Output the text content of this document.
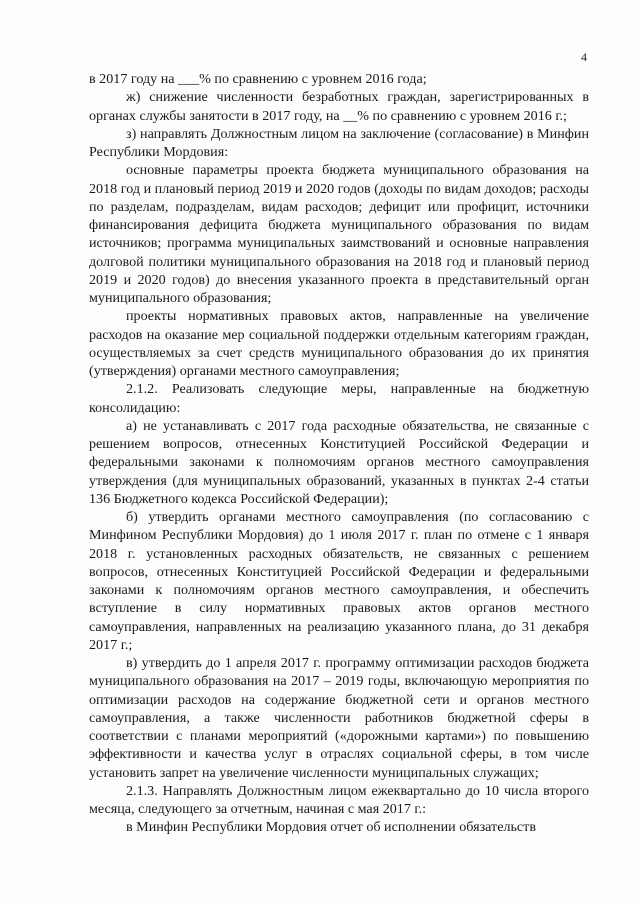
4

в 2017 году на ___% по сравнению с уровнем 2016 года;

ж) снижение численности безработных граждан, зарегистрированных в органах службы занятости в 2017 году, на __% по сравнению с уровнем 2016 г.;

з) направлять Должностным лицом на заключение (согласование) в Минфин Республики Мордовия:

основные параметры проекта бюджета муниципального образования на 2018 год и плановый период 2019 и 2020 годов (доходы по видам доходов; расходы по разделам, подразделам, видам расходов; дефицит или профицит, источники финансирования дефицита бюджета муниципального образования по видам источников; программа муниципальных заимствований и основные направления долговой политики муниципального образования на 2018 год и плановый период 2019 и 2020 годов) до внесения указанного проекта в представительный орган муниципального образования;

проекты нормативных правовых актов, направленные на увеличение расходов на оказание мер социальной поддержки отдельным категориям граждан, осуществляемых за счет средств муниципального образования до их принятия (утверждения) органами местного самоуправления;

2.1.2. Реализовать следующие меры, направленные на бюджетную консолидацию:

а) не устанавливать с 2017 года расходные обязательства, не связанные с решением вопросов, отнесенных Конституцией Российской Федерации и федеральными законами к полномочиям органов местного самоуправления утверждения (для муниципальных образований, указанных в пунктах 2-4 статьи 136 Бюджетного кодекса Российской Федерации);

б) утвердить органами местного самоуправления (по согласованию с Минфином Республики Мордовия) до 1 июля 2017 г. план по отмене с 1 января 2018 г. установленных расходных обязательств, не связанных с решением вопросов, отнесенных Конституцией Российской Федерации и федеральными законами к полномочиям органов местного самоуправления, и обеспечить вступление в силу нормативных правовых актов органов местного самоуправления, направленных на реализацию указанного плана, до 31 декабря 2017 г.;

в) утвердить до 1 апреля 2017 г. программу оптимизации расходов бюджета муниципального образования на 2017 – 2019 годы, включающую мероприятия по оптимизации расходов на содержание бюджетной сети и органов местного самоуправления, а также численности работников бюджетной сферы в соответствии с планами мероприятий («дорожными картами») по повышению эффективности и качества услуг в отраслях социальной сферы, в том числе установить запрет на увеличение численности муниципальных служащих;

2.1.3. Направлять Должностным лицом ежеквартально до 10 числа второго месяца, следующего за отчетным, начиная с мая 2017 г.:

в Минфин Республики Мордовия отчет об исполнении обязательств
